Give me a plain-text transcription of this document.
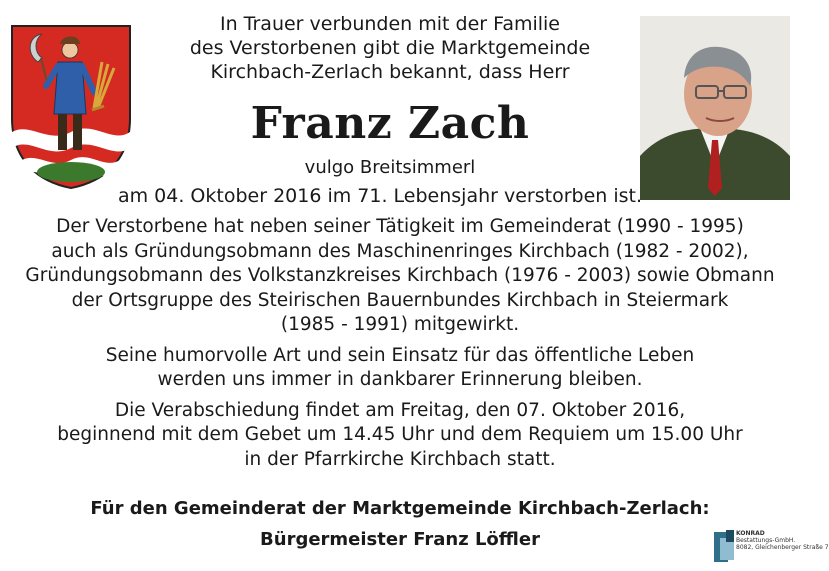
In Trauer verbunden mit der Familie
des Verstorbenen gibt die Marktgemeinde
Kirchbach-Zerlach bekannt, dass Herr
Franz Zach
vulgo Breitsimmerl
am 04. Oktober 2016 im 71. Lebensjahr verstorben ist.

Der Verstorbene hat neben seiner Tätigkeit im Gemeinderat (1990 - 1995)
auch als Gründungsobmann des Maschinenringes Kirchbach (1982 - 2002),
Gründungsobmann des Volkstanzkreises Kirchbach (1976 - 2003) sowie Obmann
der Ortsgruppe des Steirischen Bauernbundes Kirchbach in Steiermark
(1985 - 1991) mitgewirkt.

Seine humorvolle Art und sein Einsatz für das öffentliche Leben
werden uns immer in dankbarer Erinnerung bleiben.

Die Verabschiedung findet am Freitag, den 07. Oktober 2016,
beginnend mit dem Gebet um 14.45 Uhr und dem Requiem um 15.00 Uhr
in der Pfarrkirche Kirchbach statt.

Für den Gemeinderat der Marktgemeinde Kirchbach-Zerlach:
Bürgermeister Franz Löffler	KONRAD
Bestattungs-GmbH.
8082, Gleichenberger Straße 7
